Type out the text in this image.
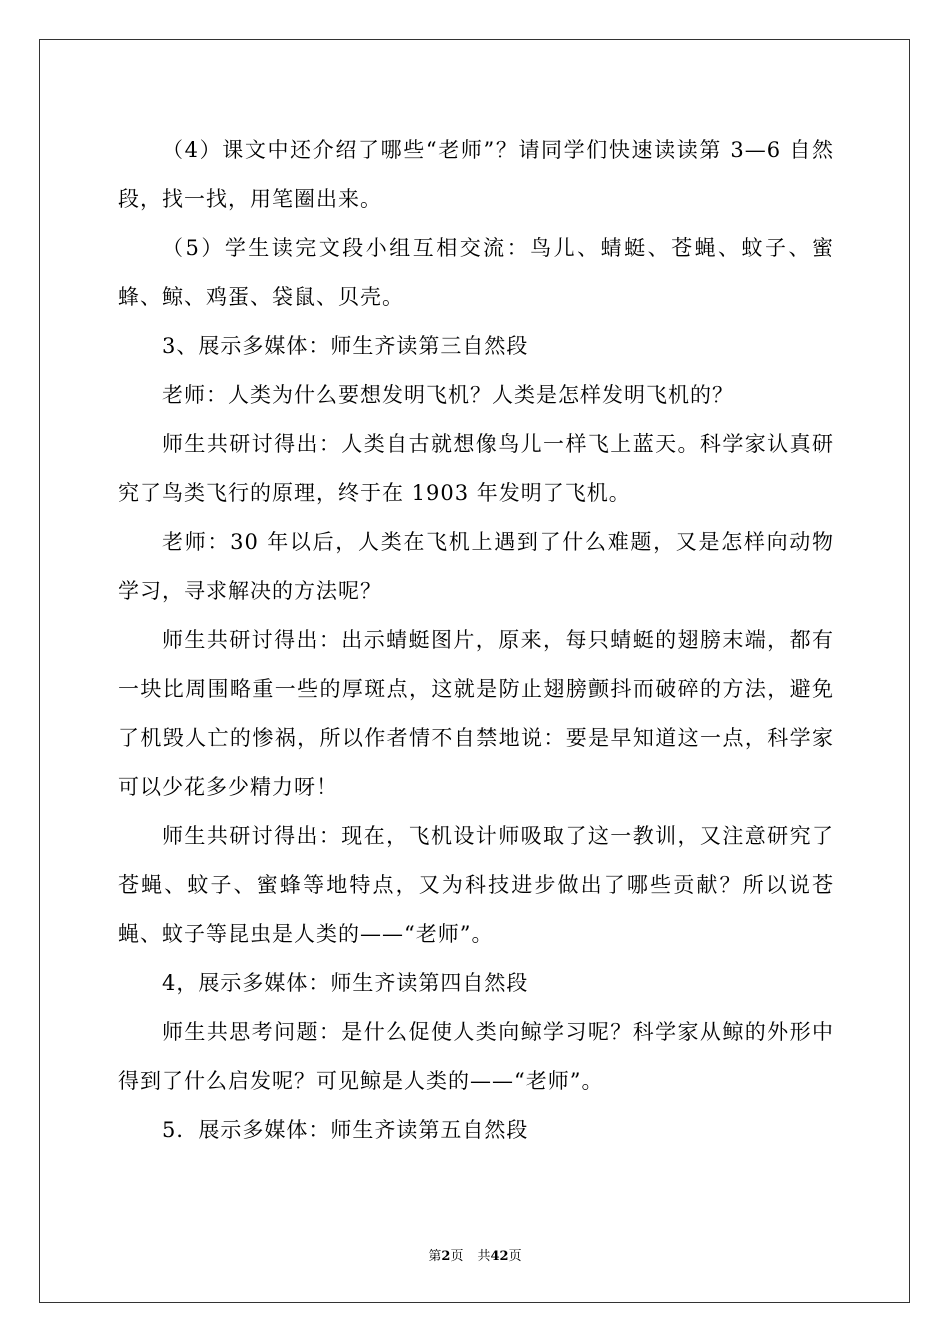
（4）课文中还介绍了哪些“老师”？请同学们快速读读第 3—6 自然段，找一找，用笔圈出来。

（5）学生读完文段小组互相交流：鸟儿、蜻蜓、苍蝇、蚊子、蜜蜂、鲸、鸡蛋、袋鼠、贝壳。

3、展示多媒体：师生齐读第三自然段

老师：人类为什么要想发明飞机？人类是怎样发明飞机的？

师生共研讨得出：人类自古就想像鸟儿一样飞上蓝天。科学家认真研究了鸟类飞行的原理，终于在 1903 年发明了飞机。

老师：30 年以后，人类在飞机上遇到了什么难题，又是怎样向动物学习，寻求解决的方法呢？

师生共研讨得出：出示蜻蜓图片，原来，每只蜻蜓的翅膀末端，都有一块比周围略重一些的厚斑点，这就是防止翅膀颤抖而破碎的方法，避免了机毁人亡的惨祸，所以作者情不自禁地说：要是早知道这一点，科学家可以少花多少精力呀！

师生共研讨得出：现在，飞机设计师吸取了这一教训，又注意研究了苍蝇、蚊子、蜜蜂等地特点，又为科技进步做出了哪些贡献？所以说苍蝇、蚊子等昆虫是人类的——“老师”。

4，展示多媒体：师生齐读第四自然段

师生共思考问题：是什么促使人类向鲸学习呢？科学家从鲸的外形中得到了什么启发呢？可见鲸是人类的——“老师”。

5．展示多媒体：师生齐读第五自然段

第2页 共42页
